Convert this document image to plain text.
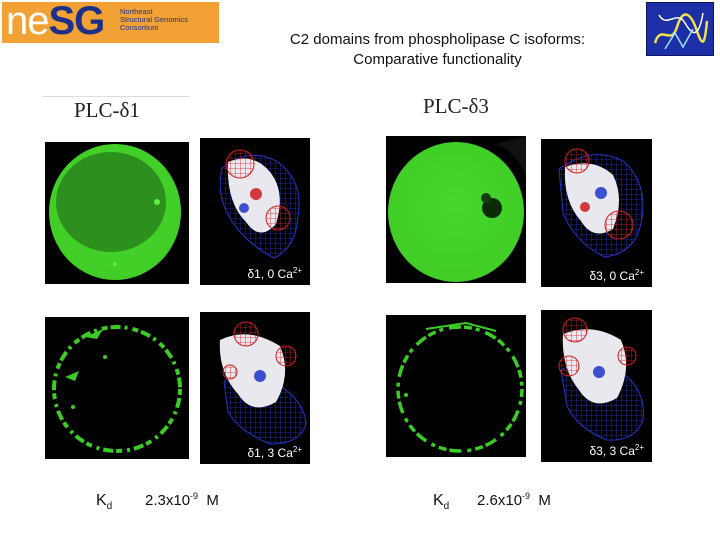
neSG Northeast
Structural Genomics
Consortium
C2 domains from phospholipase C isoforms:
Comparative functionality
PLC-δ1	PLC-δ3
δ1, 0 $Ca^{2+}$
δ1, 3 $Ca^{2+}$
δ3, 0 $Ca^{2+}$
δ3, 3 $Ca^{2+}$
$K_d$ $2.3x10^{-9}$ M	$K_d$ $2.6x10^{-9}$ M
